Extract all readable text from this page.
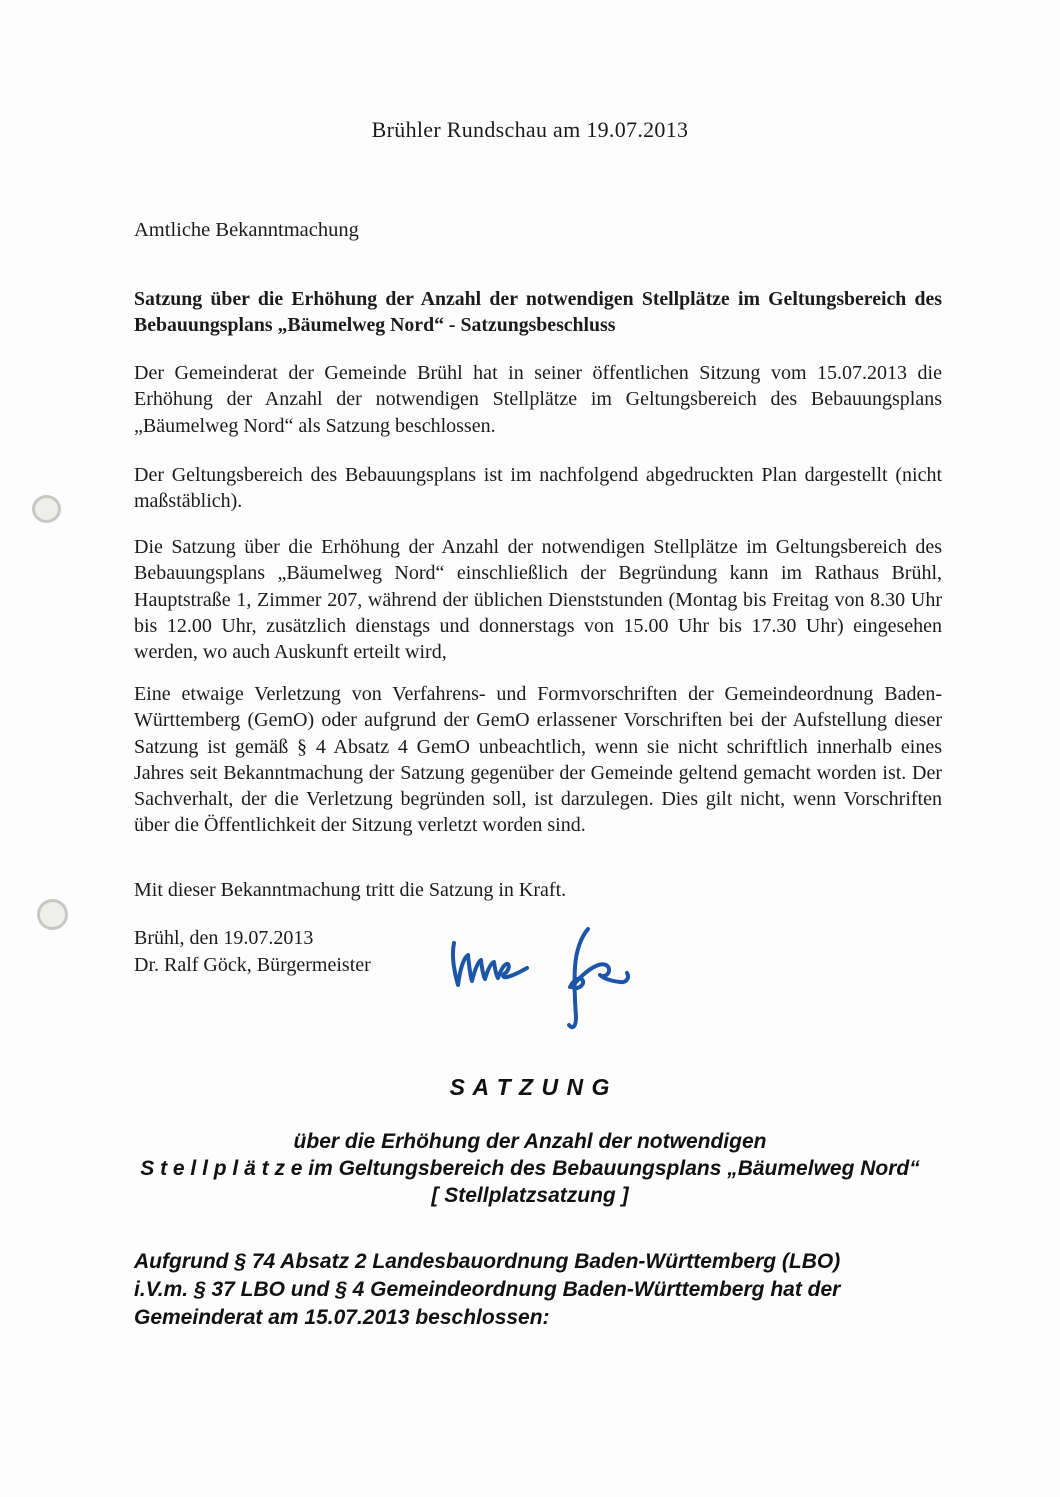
Brühler Rundschau am 19.07.2013
Amtliche Bekanntmachung

Satzung über die Erhöhung der Anzahl der notwendigen Stellplätze im Geltungsbereich des Bebauungsplans „Bäumelweg Nord“ - Satzungsbeschluss

Der Gemeinderat der Gemeinde Brühl hat in seiner öffentlichen Sitzung vom 15.07.2013 die Erhöhung der Anzahl der notwendigen Stellplätze im Geltungsbereich des Bebauungsplans „Bäumelweg Nord“ als Satzung beschlossen.

Der Geltungsbereich des Bebauungsplans ist im nachfolgend abgedruckten Plan dargestellt (nicht maßstäblich).

Die Satzung über die Erhöhung der Anzahl der notwendigen Stellplätze im Geltungsbereich des Bebauungsplans „Bäumelweg Nord“ einschließlich der Begründung kann im Rathaus Brühl, Hauptstraße 1, Zimmer 207, während der üblichen Dienststunden (Montag bis Freitag von 8.30 Uhr bis 12.00 Uhr, zusätzlich dienstags und donnerstags von 15.00 Uhr bis 17.30 Uhr) eingesehen werden, wo auch Auskunft erteilt wird,

Eine etwaige Verletzung von Verfahrens- und Formvorschriften der Gemeindeordnung Baden-Württemberg (GemO) oder aufgrund der GemO erlassener Vorschriften bei der Aufstellung dieser Satzung ist gemäß § 4 Absatz 4 GemO unbeachtlich, wenn sie nicht schriftlich innerhalb eines Jahres seit Bekanntmachung der Satzung gegenüber der Gemeinde geltend gemacht worden ist. Der Sachverhalt, der die Verletzung begründen soll, ist darzulegen. Dies gilt nicht, wenn Vorschriften über die Öffentlichkeit der Sitzung verletzt worden sind.

Mit dieser Bekanntmachung tritt die Satzung in Kraft.

Brühl, den 19.07.2013
Dr. Ralf Göck, Bürgermeister
S A T Z U N G
über die Erhöhung der Anzahl der notwendigen
S t e l l p l ä t z e im Geltungsbereich des Bebauungsplans „Bäumelweg Nord“
[ Stellplatzsatzung ]

Aufgrund § 74 Absatz 2 Landesbauordnung Baden-Württemberg (LBO) i.V.m. § 37 LBO und § 4 Gemeindeordnung Baden-Württemberg hat der Gemeinderat am 15.07.2013 beschlossen:
